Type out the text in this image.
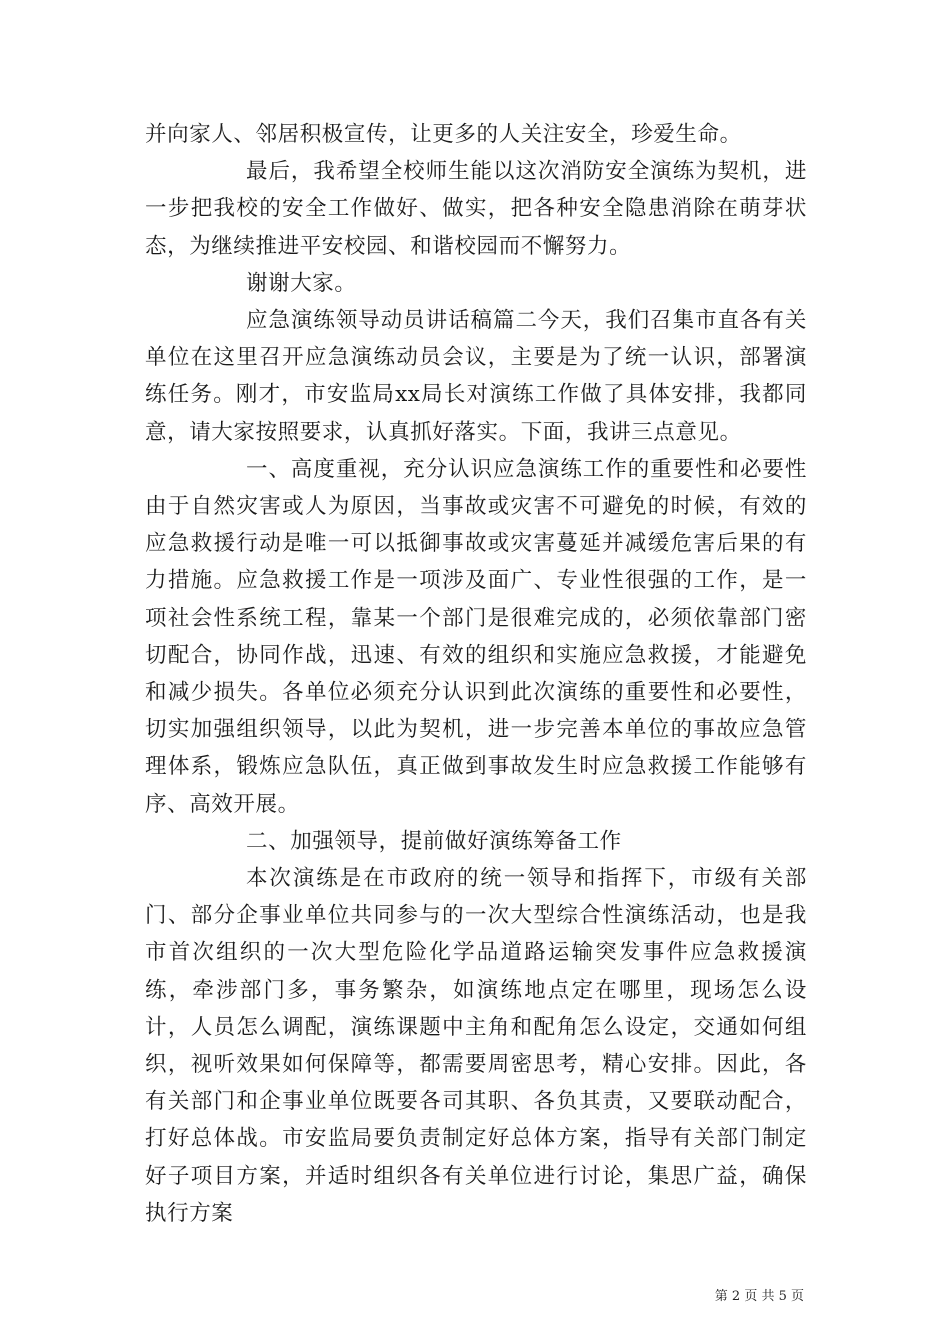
并向家人、邻居积极宣传，让更多的人关注安全，珍爱生命。

最后，我希望全校师生能以这次消防安全演练为契机，进一步把我校的安全工作做好、做实，把各种安全隐患消除在萌芽状态，为继续推进平安校园、和谐校园而不懈努力。

谢谢大家。

应急演练领导动员讲话稿篇二今天，我们召集市直各有关单位在这里召开应急演练动员会议，主要是为了统一认识，部署演练任务。刚才，市安监局xx局长对演练工作做了具体安排，我都同意，请大家按照要求，认真抓好落实。下面，我讲三点意见。

一、高度重视，充分认识应急演练工作的重要性和必要性由于自然灾害或人为原因，当事故或灾害不可避免的时候，有效的应急救援行动是唯一可以抵御事故或灾害蔓延并减缓危害后果的有力措施。应急救援工作是一项涉及面广、专业性很强的工作，是一项社会性系统工程，靠某一个部门是很难完成的，必须依靠部门密切配合，协同作战，迅速、有效的组织和实施应急救援，才能避免和减少损失。各单位必须充分认识到此次演练的重要性和必要性，切实加强组织领导，以此为契机，进一步完善本单位的事故应急管理体系，锻炼应急队伍，真正做到事故发生时应急救援工作能够有序、高效开展。

二、加强领导，提前做好演练筹备工作

本次演练是在市政府的统一领导和指挥下，市级有关部门、部分企事业单位共同参与的一次大型综合性演练活动，也是我市首次组织的一次大型危险化学品道路运输突发事件应急救援演练，牵涉部门多，事务繁杂，如演练地点定在哪里，现场怎么设计，人员怎么调配，演练课题中主角和配角怎么设定，交通如何组织，视听效果如何保障等，都需要周密思考，精心安排。因此，各有关部门和企事业单位既要各司其职、各负其责，又要联动配合，打好总体战。市安监局要负责制定好总体方案，指导有关部门制定好子项目方案，并适时组织各有关单位进行讨论，集思广益，确保执行方案

第 2 页 共 5 页
